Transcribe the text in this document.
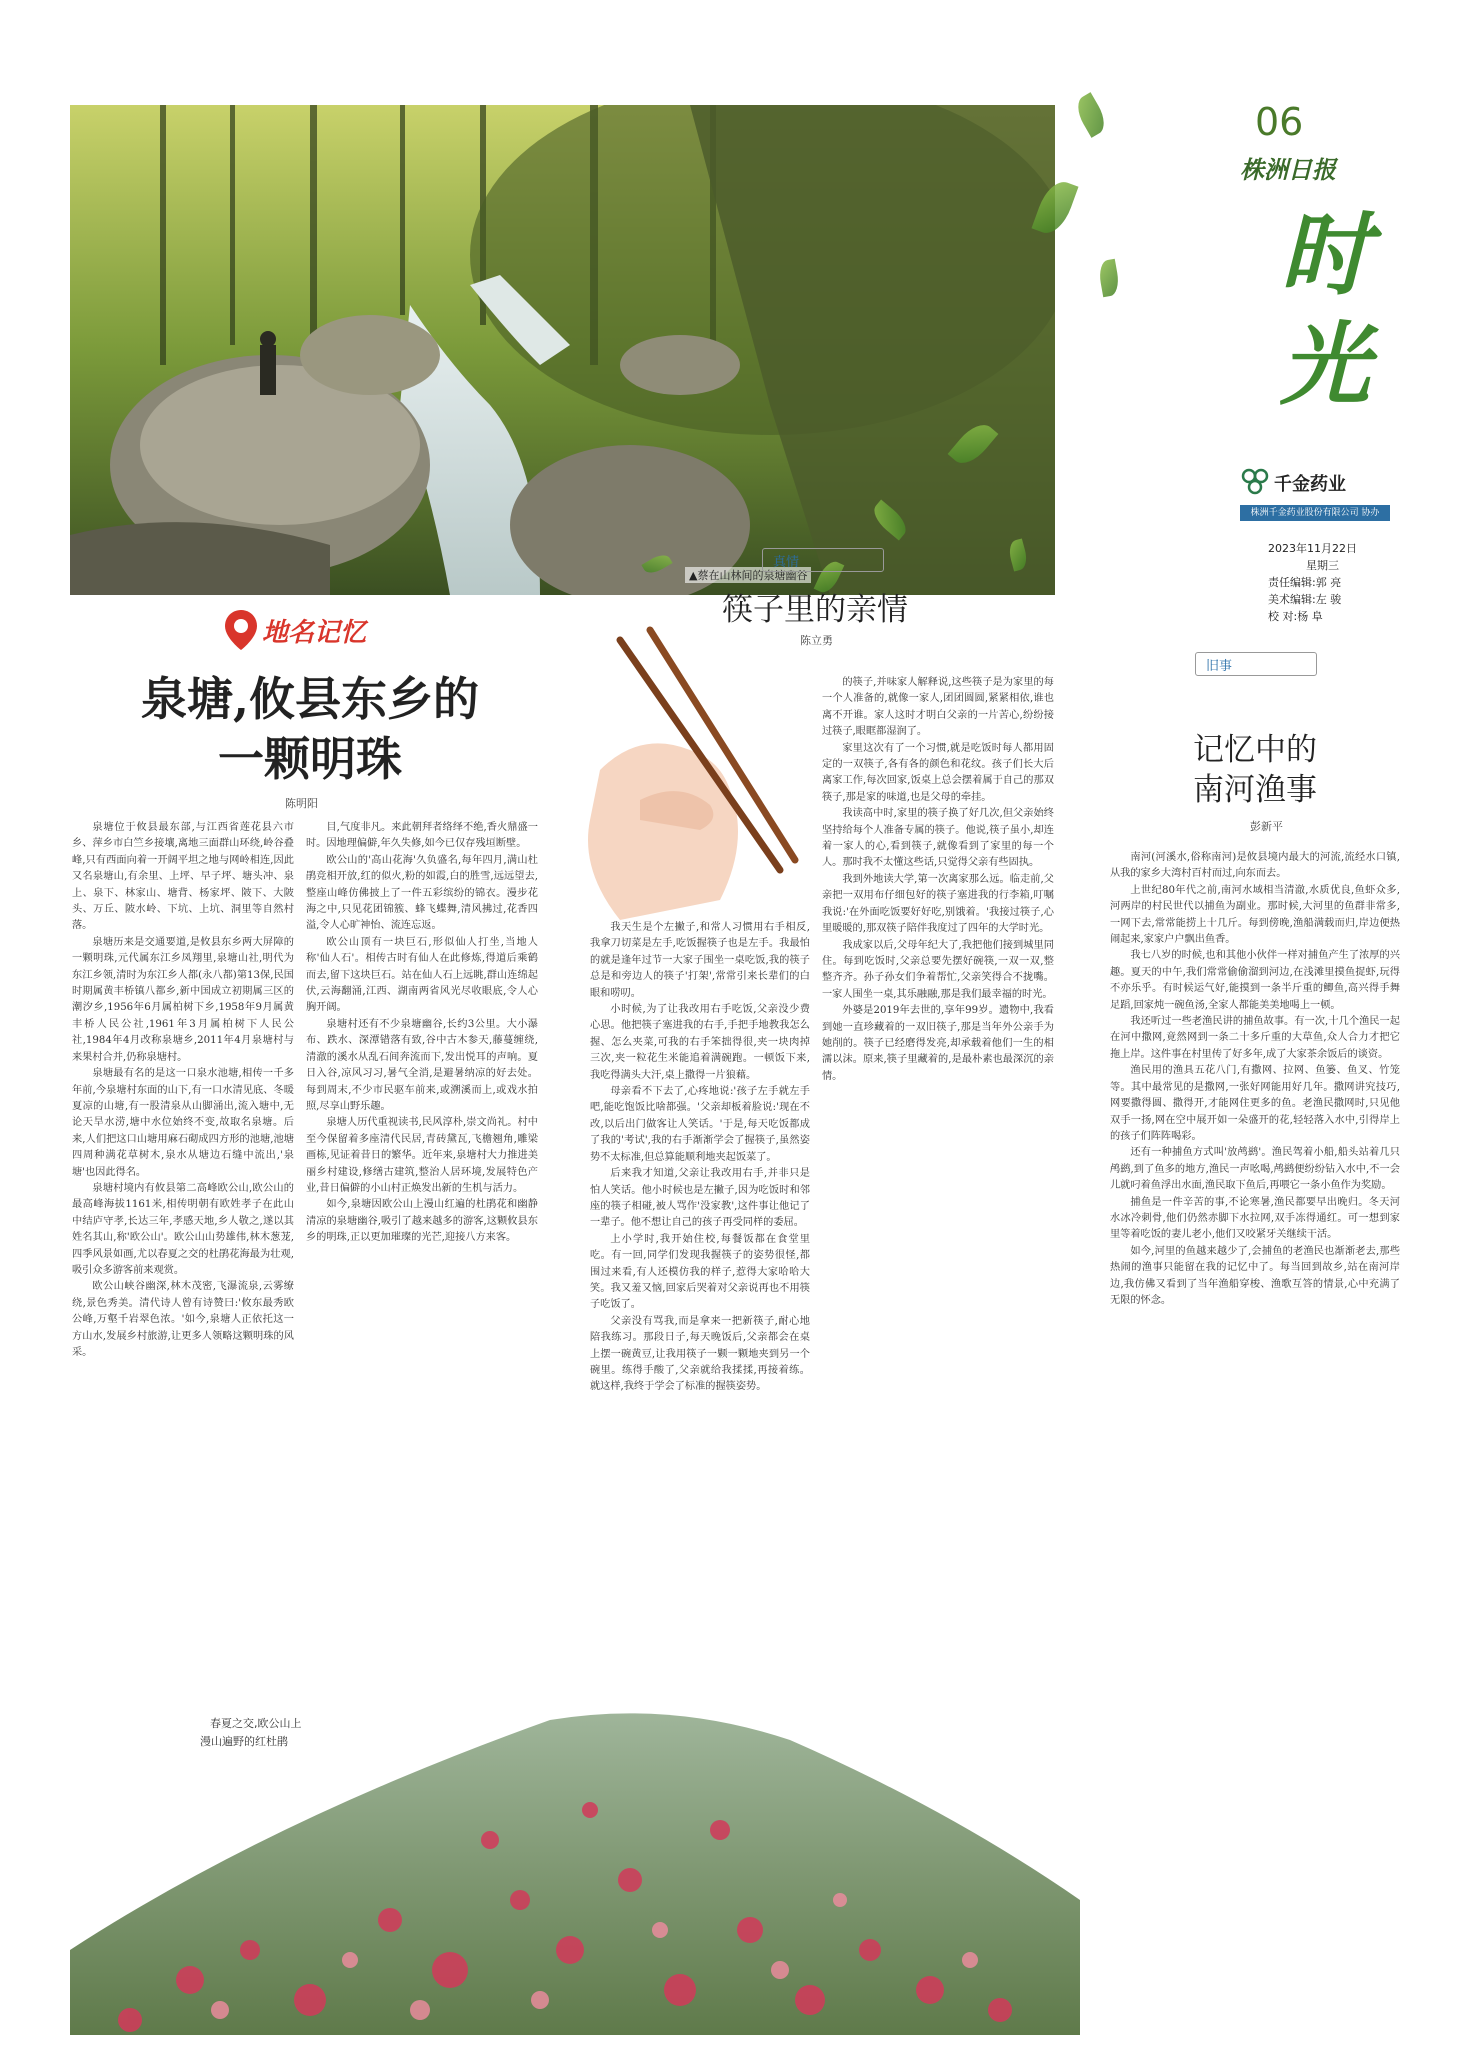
▲蔡在山林间的泉塘幽谷
06
株洲日报
时光
千金药业
株洲千金药业股份有限公司 协办
2023年11月22日
星期三
责任编辑:郭 亮
美术编辑:左 骏
校 对:杨 阜
地名记忆
泉塘,攸县东乡的
一颗明珠
陈明阳

泉塘位于攸县最东部,与江西省莲花县六市乡、萍乡市白竺乡接壤,离地三面群山环绕,岭谷叠峰,只有西面向着一开阔平坦之地与网岭相连,因此又名泉塘山,有余里、上坪、早子坪、塘头冲、泉上、泉下、林家山、塘背、杨家坪、陂下、大陂头、万丘、陂水岭、下坑、上坑、洞里等自然村落。

泉塘历来是交通要道,是攸县东乡两大屏障的一颗明珠,元代属东江乡凤翔里,泉塘山社,明代为东江乡领,清时为东江乡人都(永八都)第13保,民国时期属黄丰桥镇八都乡,新中国成立初期属三区的潮汐乡,1956年6月属柏树下乡,1958年9月属黄丰桥人民公社,1961年3月属柏树下人民公社,1984年4月改称泉塘乡,2011年4月泉塘村与来果村合并,仍称泉塘村。

泉塘最有名的是这一口泉水池塘,相传一千多年前,今泉塘村东面的山下,有一口水清见底、冬暖夏凉的山塘,有一股清泉从山脚涌出,流入塘中,无论天旱水涝,塘中水位始终不变,故取名泉塘。后来,人们把这口山塘用麻石砌成四方形的池塘,池塘四周种满花草树木,泉水从塘边石缝中流出,'泉塘'也因此得名。

泉塘村境内有攸县第二高峰欧公山,欧公山的最高峰海拔1161米,相传明朝有欧姓孝子在此山中结庐守孝,长达三年,孝感天地,乡人敬之,遂以其姓名其山,称'欧公山'。欧公山山势雄伟,林木葱茏,四季风景如画,尤以春夏之交的杜鹃花海最为壮观,吸引众多游客前来观赏。

欧公山峡谷幽深,林木茂密,飞瀑流泉,云雾缭绕,景色秀美。清代诗人曾有诗赞曰:'攸东最秀欧公峰,万壑千岩翠色浓。'如今,泉塘人正依托这一方山水,发展乡村旅游,让更多人领略这颗明珠的风采。

目,气度非凡。来此朝拜者络绎不绝,香火鼎盛一时。因地理偏僻,年久失修,如今已仅存残垣断壁。

欧公山的'高山花海'久负盛名,每年四月,满山杜鹃竞相开放,红的似火,粉的如霞,白的胜雪,远远望去,整座山峰仿佛披上了一件五彩缤纷的锦衣。漫步花海之中,只见花团锦簇、蜂飞蝶舞,清风拂过,花香四溢,令人心旷神怡、流连忘返。

欧公山顶有一块巨石,形似仙人打坐,当地人称'仙人石'。相传古时有仙人在此修炼,得道后乘鹤而去,留下这块巨石。站在仙人石上远眺,群山连绵起伏,云海翻涌,江西、湖南两省风光尽收眼底,令人心胸开阔。

泉塘村还有不少泉塘幽谷,长约3公里。大小瀑布、跌水、深潭错落有致,谷中古木参天,藤蔓缠绕,清澈的溪水从乱石间奔流而下,发出悦耳的声响。夏日入谷,凉风习习,暑气全消,是避暑纳凉的好去处。每到周末,不少市民驱车前来,或溯溪而上,或戏水拍照,尽享山野乐趣。

泉塘人历代重视读书,民风淳朴,崇文尚礼。村中至今保留着多座清代民居,青砖黛瓦,飞檐翘角,雕梁画栋,见证着昔日的繁华。近年来,泉塘村大力推进美丽乡村建设,修缮古建筑,整治人居环境,发展特色产业,昔日偏僻的小山村正焕发出新的生机与活力。

如今,泉塘因欧公山上漫山红遍的杜鹃花和幽静清凉的泉塘幽谷,吸引了越来越多的游客,这颗攸县东乡的明珠,正以更加璀璨的光芒,迎接八方来客。

真情
筷子里的亲情
陈立勇

我天生是个左撇子,和常人习惯用右手相反,我拿刀切菜是左手,吃饭握筷子也是左手。我最怕的就是逢年过节一大家子围坐一桌吃饭,我的筷子总是和旁边人的筷子'打架',常常引来长辈们的白眼和唠叨。

小时候,为了让我改用右手吃饭,父亲没少费心思。他把筷子塞进我的右手,手把手地教我怎么握、怎么夹菜,可我的右手笨拙得很,夹一块肉掉三次,夹一粒花生米能追着满碗跑。一顿饭下来,我吃得满头大汗,桌上撒得一片狼藉。

母亲看不下去了,心疼地说:'孩子左手就左手吧,能吃饱饭比啥都强。'父亲却板着脸说:'现在不改,以后出门做客让人笑话。'于是,每天吃饭都成了我的'考试',我的右手渐渐学会了握筷子,虽然姿势不太标准,但总算能顺利地夹起饭菜了。

后来我才知道,父亲让我改用右手,并非只是怕人笑话。他小时候也是左撇子,因为吃饭时和邻座的筷子相碰,被人骂作'没家教',这件事让他记了一辈子。他不想让自己的孩子再受同样的委屈。

上小学时,我开始住校,每餐饭都在食堂里吃。有一回,同学们发现我握筷子的姿势很怪,都围过来看,有人还模仿我的样子,惹得大家哈哈大笑。我又羞又恼,回家后哭着对父亲说再也不用筷子吃饭了。

父亲没有骂我,而是拿来一把新筷子,耐心地陪我练习。那段日子,每天晚饭后,父亲都会在桌上摆一碗黄豆,让我用筷子一颗一颗地夹到另一个碗里。练得手酸了,父亲就给我揉揉,再接着练。就这样,我终于学会了标准的握筷姿势。

的筷子,并味家人解释说,这些筷子是为家里的每一个人准备的,就像一家人,团团圆圆,紧紧相依,谁也离不开谁。家人这时才明白父亲的一片苦心,纷纷接过筷子,眼眶都湿润了。

家里这次有了一个习惯,就是吃饭时每人都用固定的一双筷子,各有各的颜色和花纹。孩子们长大后离家工作,每次回家,饭桌上总会摆着属于自己的那双筷子,那是家的味道,也是父母的牵挂。

我读高中时,家里的筷子换了好几次,但父亲始终坚持给每个人准备专属的筷子。他说,筷子虽小,却连着一家人的心,看到筷子,就像看到了家里的每一个人。那时我不太懂这些话,只觉得父亲有些固执。

我到外地读大学,第一次离家那么远。临走前,父亲把一双用布仔细包好的筷子塞进我的行李箱,叮嘱我说:'在外面吃饭要好好吃,别饿着。'我接过筷子,心里暖暖的,那双筷子陪伴我度过了四年的大学时光。

我成家以后,父母年纪大了,我把他们接到城里同住。每到吃饭时,父亲总要先摆好碗筷,一双一双,整整齐齐。孙子孙女们争着帮忙,父亲笑得合不拢嘴。一家人围坐一桌,其乐融融,那是我们最幸福的时光。

外婆是2019年去世的,享年99岁。遗物中,我看到她一直珍藏着的一双旧筷子,那是当年外公亲手为她削的。筷子已经磨得发亮,却承载着他们一生的相濡以沫。原来,筷子里藏着的,是最朴素也最深沉的亲情。

旧事
记忆中的
南河渔事
彭新平

南河(河溪水,俗称南河)是攸县境内最大的河流,流经水口镇,从我的家乡大湾村百村而过,向东而去。

上世纪80年代之前,南河水域相当清澈,水质优良,鱼虾众多,河两岸的村民世代以捕鱼为副业。那时候,大河里的鱼群非常多,一网下去,常常能捞上十几斤。每到傍晚,渔船满载而归,岸边便热闹起来,家家户户飘出鱼香。

我七八岁的时候,也和其他小伙伴一样对捕鱼产生了浓厚的兴趣。夏天的中午,我们常常偷偷溜到河边,在浅滩里摸鱼捉虾,玩得不亦乐乎。有时候运气好,能摸到一条半斤重的鲫鱼,高兴得手舞足蹈,回家炖一碗鱼汤,全家人都能美美地喝上一顿。

我还听过一些老渔民讲的捕鱼故事。有一次,十几个渔民一起在河中撒网,竟然网到一条二十多斤重的大草鱼,众人合力才把它拖上岸。这件事在村里传了好多年,成了大家茶余饭后的谈资。

渔民用的渔具五花八门,有撒网、拉网、鱼篓、鱼叉、竹笼等。其中最常见的是撒网,一张好网能用好几年。撒网讲究技巧,网要撒得圆、撒得开,才能网住更多的鱼。老渔民撒网时,只见他双手一扬,网在空中展开如一朵盛开的花,轻轻落入水中,引得岸上的孩子们阵阵喝彩。

还有一种捕鱼方式叫'放鸬鹚'。渔民驾着小船,船头站着几只鸬鹚,到了鱼多的地方,渔民一声吆喝,鸬鹚便纷纷钻入水中,不一会儿就叼着鱼浮出水面,渔民取下鱼后,再喂它一条小鱼作为奖励。

捕鱼是一件辛苦的事,不论寒暑,渔民都要早出晚归。冬天河水冰冷刺骨,他们仍然赤脚下水拉网,双手冻得通红。可一想到家里等着吃饭的妻儿老小,他们又咬紧牙关继续干活。

如今,河里的鱼越来越少了,会捕鱼的老渔民也渐渐老去,那些热闹的渔事只能留在我的记忆中了。每当回到故乡,站在南河岸边,我仿佛又看到了当年渔船穿梭、渔歌互答的情景,心中充满了无限的怀念。

春夏之交,欧公山上
漫山遍野的红杜鹃
